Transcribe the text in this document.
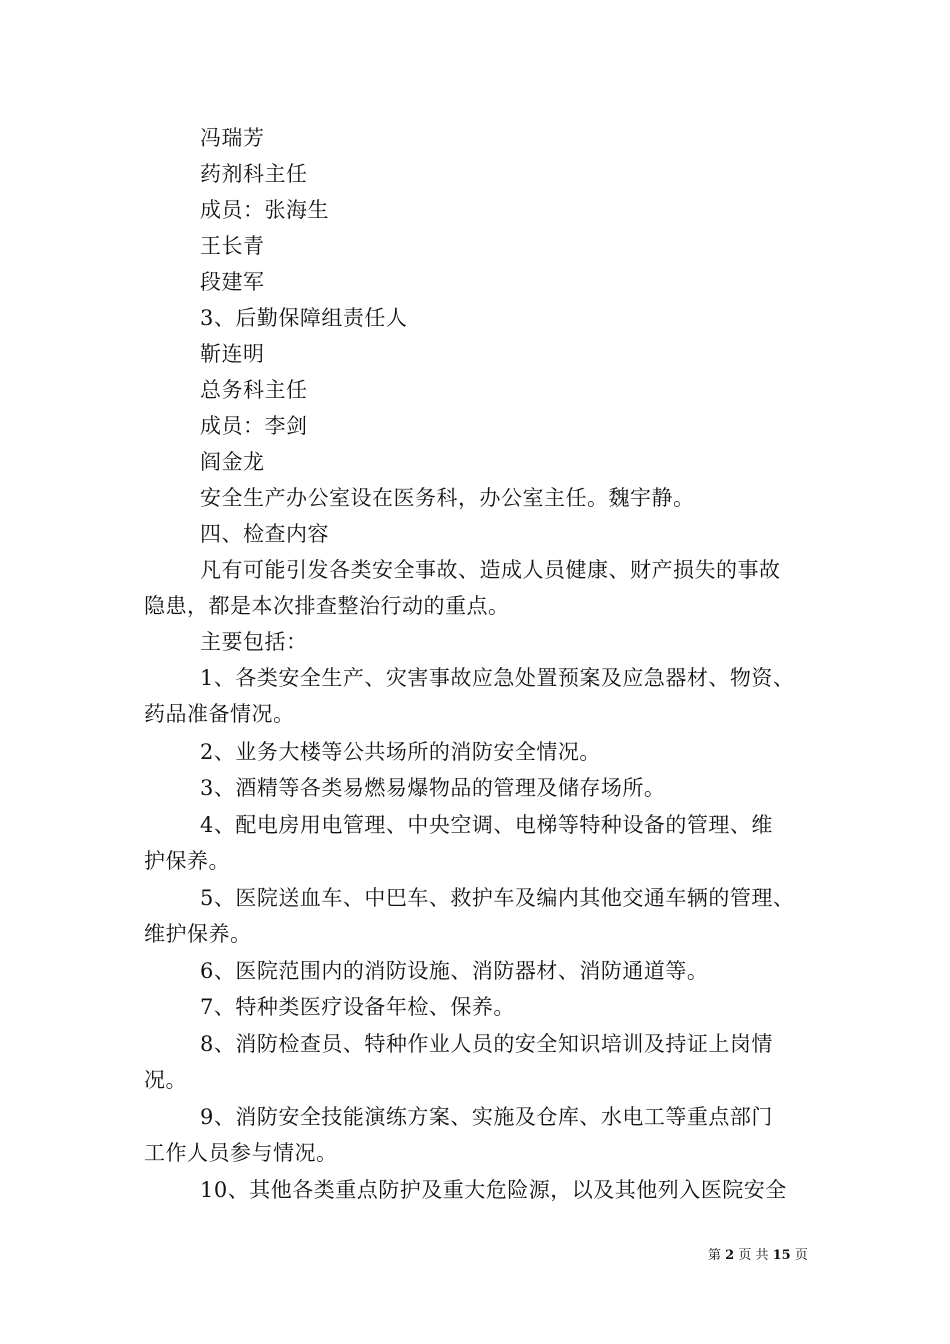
冯瑞芳
药剂科主任
成员：张海生
王长青
段建军
3、后勤保障组责任人
靳连明
总务科主任
成员：李剑
阎金龙
安全生产办公室设在医务科，办公室主任。魏宇静。
四、检查内容
凡有可能引发各类安全事故、造成人员健康、财产损失的事故
隐患，都是本次排查整治行动的重点。
主要包括：
1、各类安全生产、灾害事故应急处置预案及应急器材、物资、
药品准备情况。
2、业务大楼等公共场所的消防安全情况。
3、酒精等各类易燃易爆物品的管理及储存场所。
4、配电房用电管理、中央空调、电梯等特种设备的管理、维
护保养。
5、医院送血车、中巴车、救护车及编内其他交通车辆的管理、
维护保养。
6、医院范围内的消防设施、消防器材、消防通道等。
7、特种类医疗设备年检、保养。
8、消防检查员、特种作业人员的安全知识培训及持证上岗情
况。
9、消防安全技能演练方案、实施及仓库、水电工等重点部门
工作人员参与情况。
10、其他各类重点防护及重大危险源，以及其他列入医院安全
第 2 页 共 15 页
